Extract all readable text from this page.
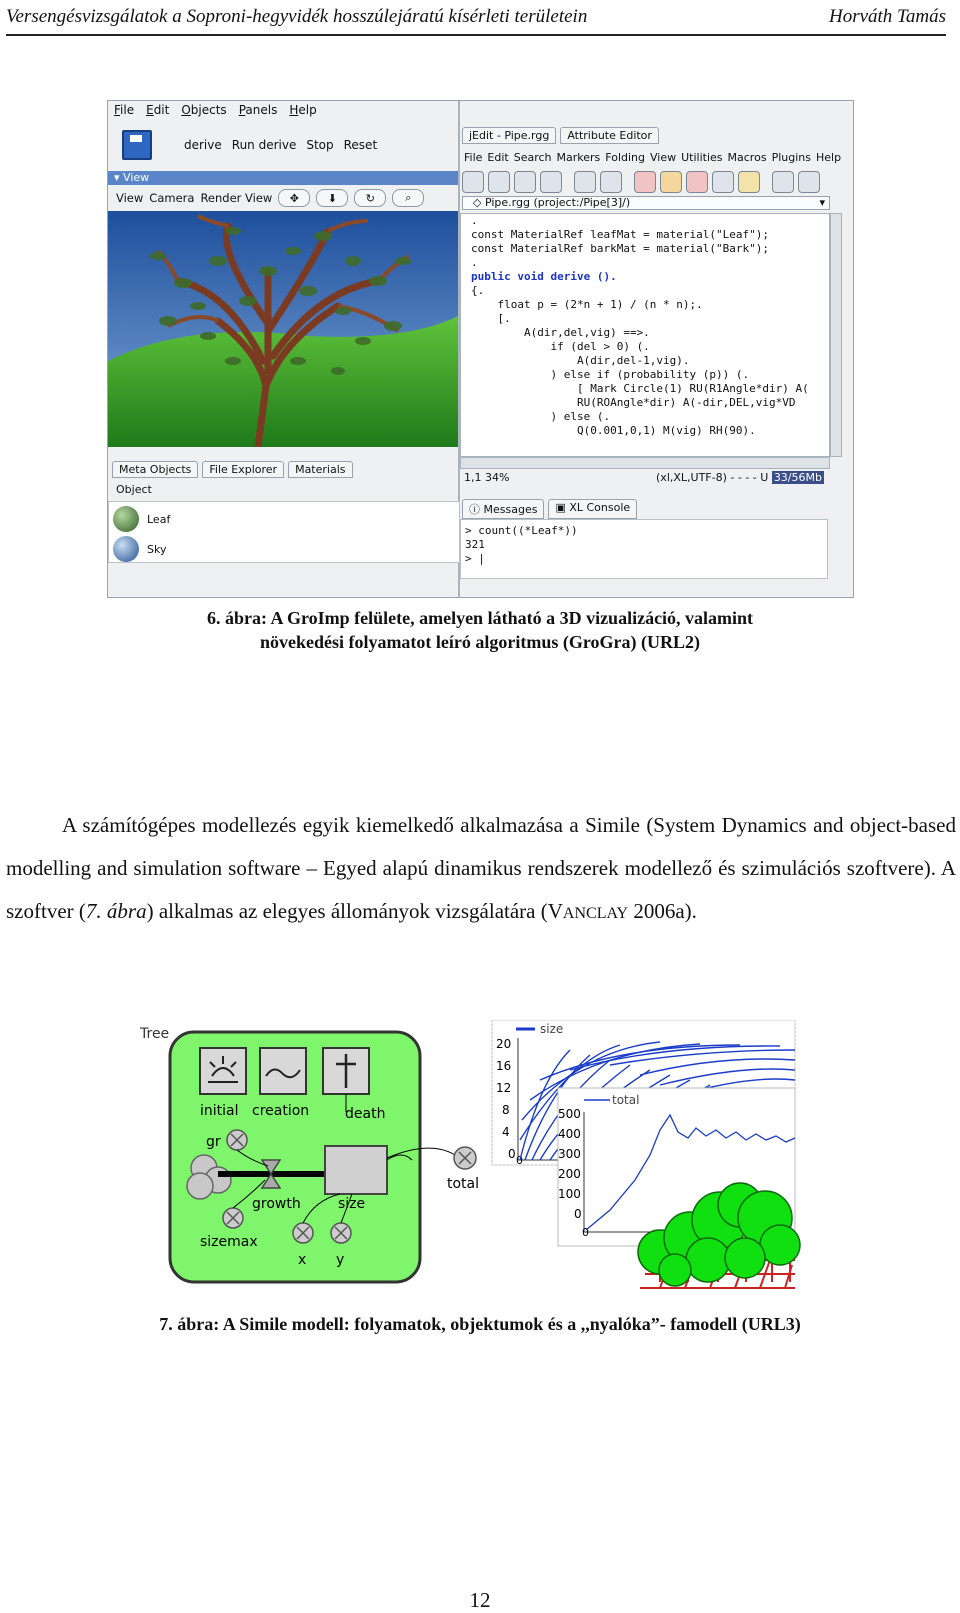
Versengésvizsgálatok a Soproni-hegyvidék hosszúlejáratú kísérleti területein	Horváth Tamás
File Edit Objects Panels Help
derive Run derive Stop Reset
▾ View
View Camera Render View	✥	⬇	↻	⌕
Meta Objects	File Explorer	Materials
Object
Leaf
Sky
jEdit - Pipe.rgg	Attribute Editor
File Edit Search Markers Folding View Utilities Macros Plugins Help
◇ Pipe.rgg (project:/Pipe[3]/)	▾
.
const MaterialRef leafMat = material("Leaf");
const MaterialRef barkMat = material("Bark");
.
public void derive ().
{.
float p = (2*n + 1) / (n * n);.
[.
A(dir,del,vig) ==>.
if (del > 0) (.
A(dir,del-1,vig).
) else if (probability (p)) (.
[ Mark Circle(1) RU(R1Angle*dir) A(
RU(ROAngle*dir) A(-dir,DEL,vig*VD
) else (.
Q(0.001,0,1) M(vig) RH(90).
1,1 34%	(xl,XL,UTF-8) - - - - U 33/56Mb
ⓘ Messages	▣ XL Console
> count((*Leaf*))
321
> |
6. ábra: A GroImp felülete, amelyen látható a 3D vizualizáció, valamint
növekedési folyamatot leíró algoritmus (GroGra) (URL2)

A számítógépes modellezés egyik kiemelkedő alkalmazása a Simile (System Dynamics and object-based modelling and simulation software – Egyed alapú dinamikus rendszerek modellező és szimulációs szoftvere). A szoftver (7. ábra) alkalmas az elegyes állományok vizsgálatára (VANCLAY 2006a).

Tree
initial creation	death
gr
growth	size
sizemax
x y
total
size
20
16
12
8
4
0 0
total
500
400
300
200
100
0
0
7. ábra: A Simile modell: folyamatok, objektumok és a ,,nyalóka”- famodell (URL3)
12
